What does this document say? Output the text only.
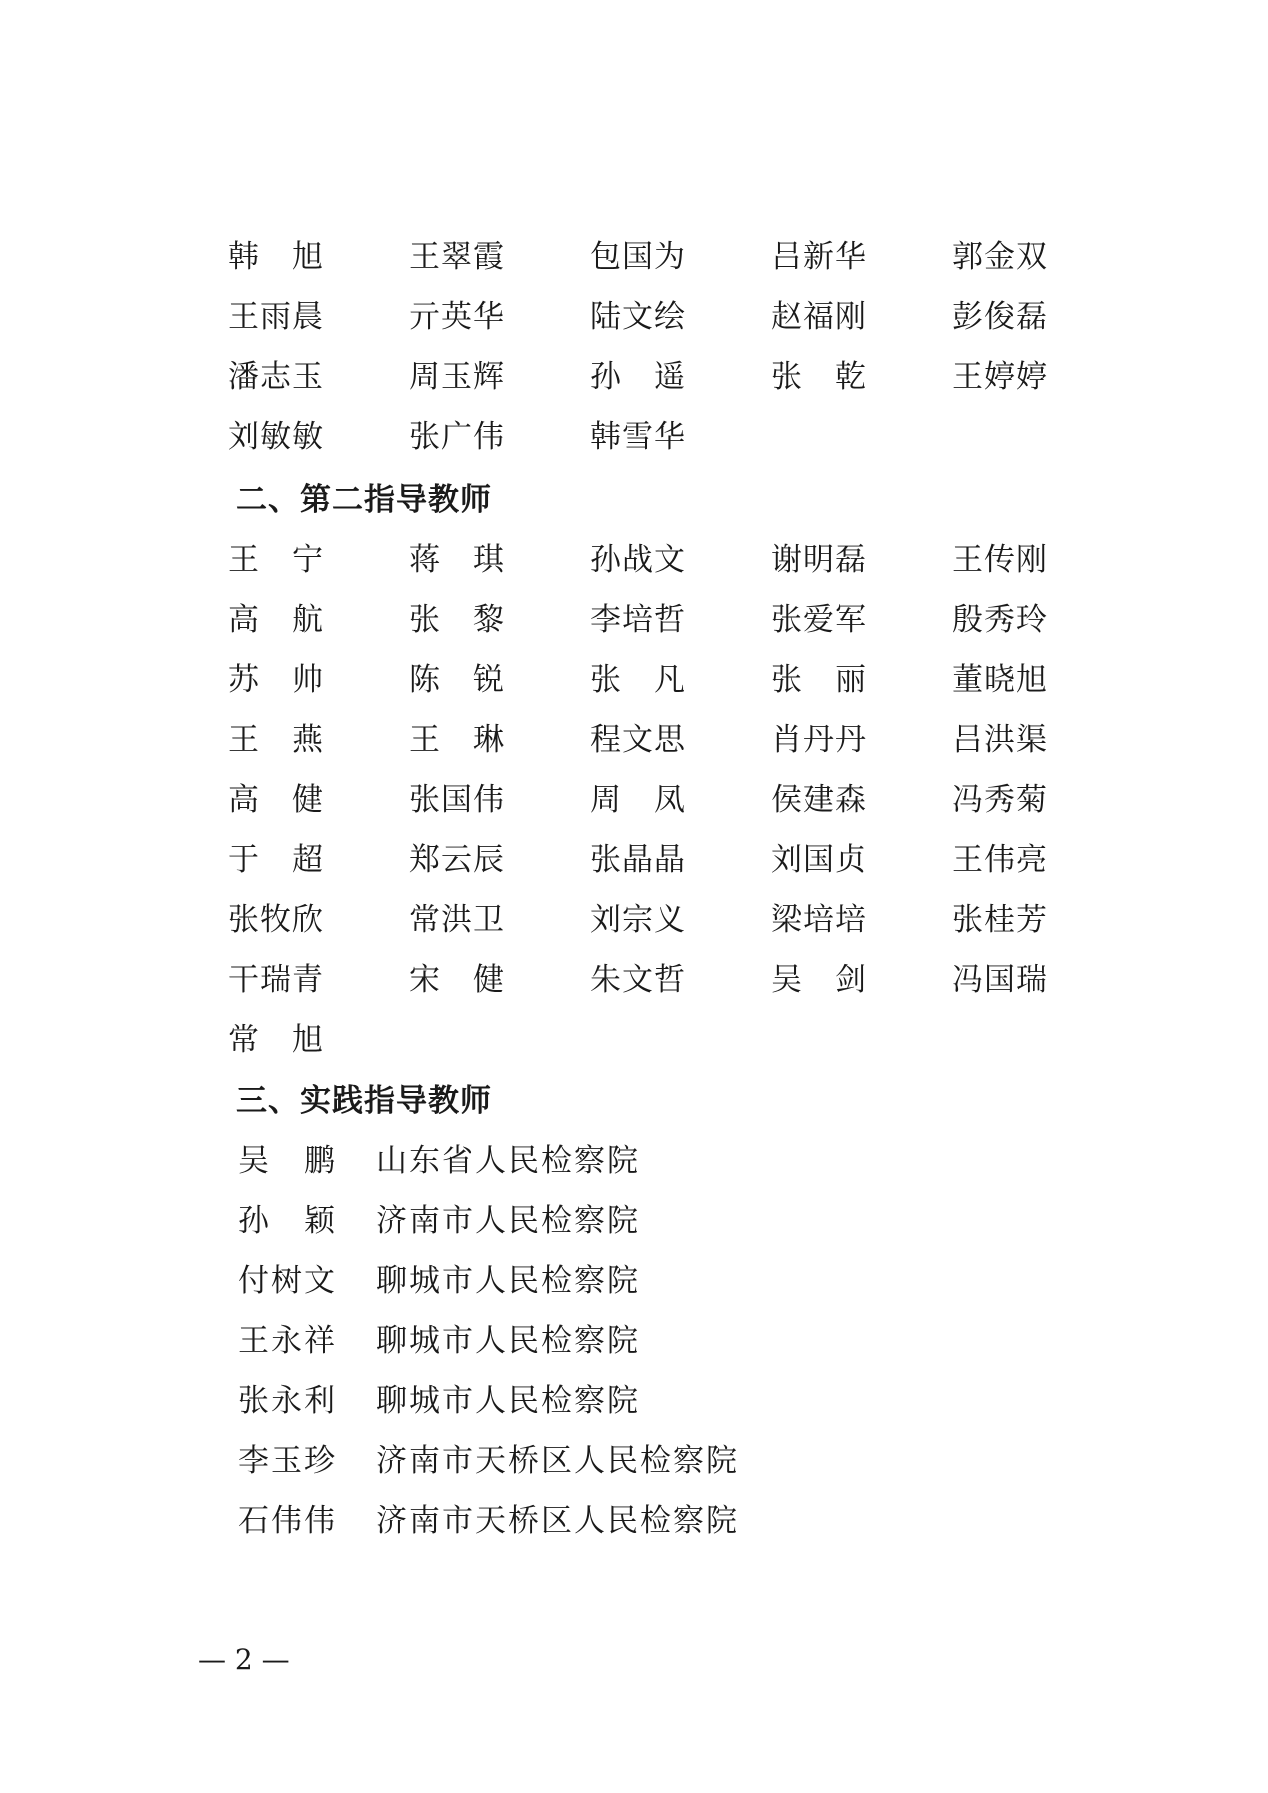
韩　旭	王翠霞	包国为	吕新华	郭金双
王雨晨	亓英华	陆文绘	赵福刚	彭俊磊
潘志玉	周玉辉	孙　遥	张　乾	王婷婷
刘敏敏	张广伟	韩雪华
二、第二指导教师
王　宁	蒋　琪	孙战文	谢明磊	王传刚
高　航	张　黎	李培哲	张爱军	殷秀玲
苏　帅	陈　锐	张　凡	张　丽	董晓旭
王　燕	王　琳	程文思	肖丹丹	吕洪渠
高　健	张国伟	周　凤	侯建森	冯秀菊
于　超	郑云辰	张晶晶	刘国贞	王伟亮
张牧欣	常洪卫	刘宗义	梁培培	张桂芳
干瑞青	宋　健	朱文哲	吴　剑	冯国瑞
常　旭
三、实践指导教师
吴　鹏	山东省人民检察院
孙　颖	济南市人民检察院
付树文	聊城市人民检察院
王永祥	聊城市人民检察院
张永利	聊城市人民检察院
李玉珍	济南市天桥区人民检察院
石伟伟	济南市天桥区人民检察院
— 2 —
